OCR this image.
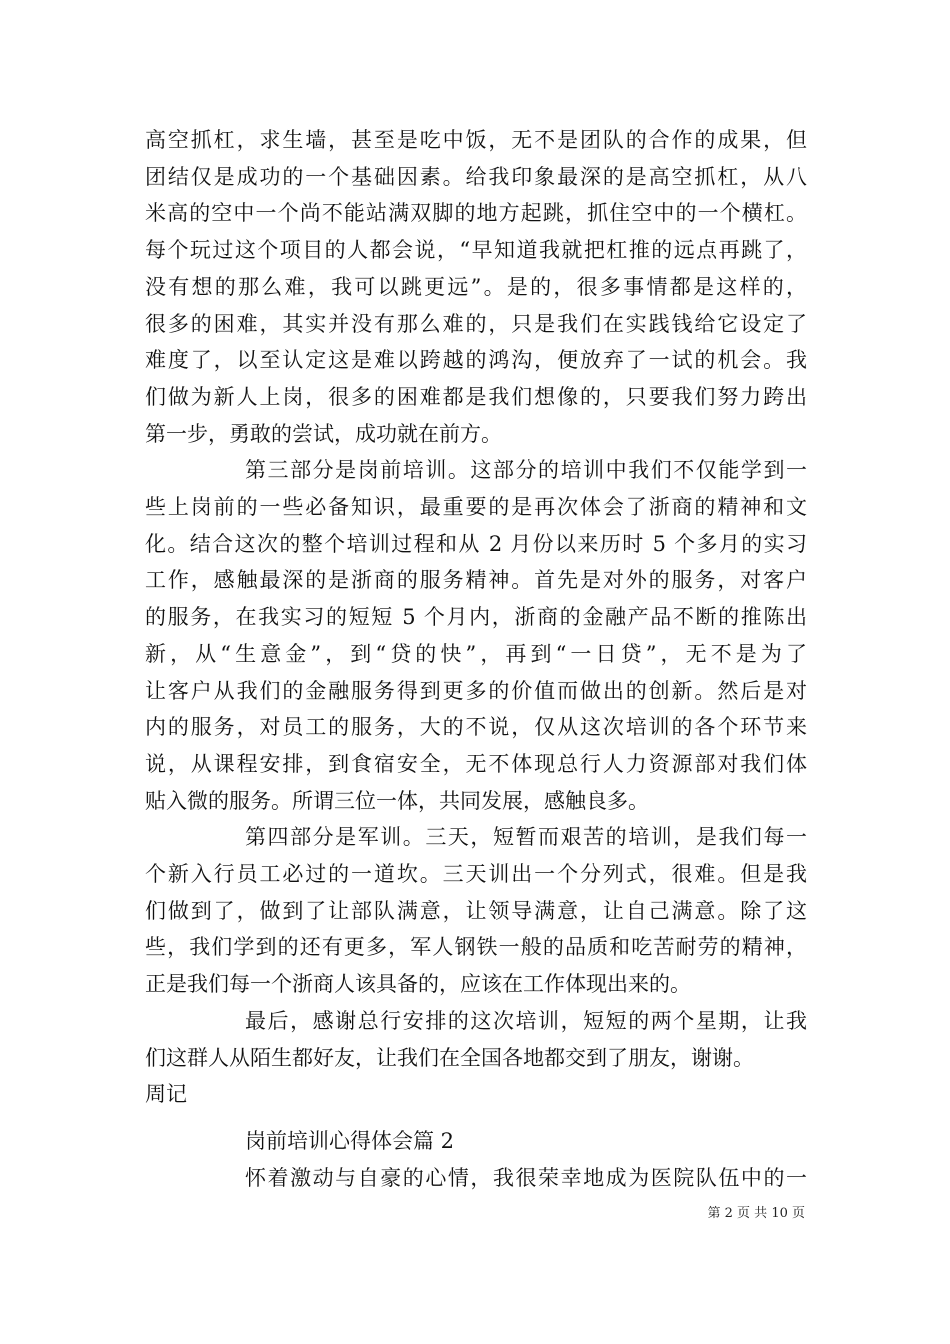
高空抓杠，求生墙，甚至是吃中饭，无不是团队的合作的成果，但
团结仅是成功的一个基础因素。给我印象最深的是高空抓杠，从八
米高的空中一个尚不能站满双脚的地方起跳，抓住空中的一个横杠。
每个玩过这个项目的人都会说，“早知道我就把杠推的远点再跳了，
没有想的那么难，我可以跳更远”。是的，很多事情都是这样的，
很多的困难，其实并没有那么难的，只是我们在实践钱给它设定了
难度了，以至认定这是难以跨越的鸿沟，便放弃了一试的机会。我
们做为新人上岗，很多的困难都是我们想像的，只要我们努力跨出
第一步，勇敢的尝试，成功就在前方。
第三部分是岗前培训。这部分的培训中我们不仅能学到一
些上岗前的一些必备知识，最重要的是再次体会了浙商的精神和文
化。结合这次的整个培训过程和从 2 月份以来历时 5 个多月的实习
工作，感触最深的是浙商的服务精神。首先是对外的服务，对客户
的服务，在我实习的短短 5 个月内，浙商的金融产品不断的推陈出
新，从“生意金”，到“贷的快”，再到“一日贷”，无不是为了
让客户从我们的金融服务得到更多的价值而做出的创新。然后是对
内的服务，对员工的服务，大的不说，仅从这次培训的各个环节来
说，从课程安排，到食宿安全，无不体现总行人力资源部对我们体
贴入微的服务。所谓三位一体，共同发展，感触良多。
第四部分是军训。三天，短暂而艰苦的培训，是我们每一
个新入行员工必过的一道坎。三天训出一个分列式，很难。但是我
们做到了，做到了让部队满意，让领导满意，让自己满意。除了这
些，我们学到的还有更多，军人钢铁一般的品质和吃苦耐劳的精神，
正是我们每一个浙商人该具备的，应该在工作体现出来的。
最后，感谢总行安排的这次培训，短短的两个星期，让我
们这群人从陌生都好友，让我们在全国各地都交到了朋友，谢谢。
周记
岗前培训心得体会篇 2
怀着激动与自豪的心情，我很荣幸地成为医院队伍中的一
第 2 页 共 10 页
